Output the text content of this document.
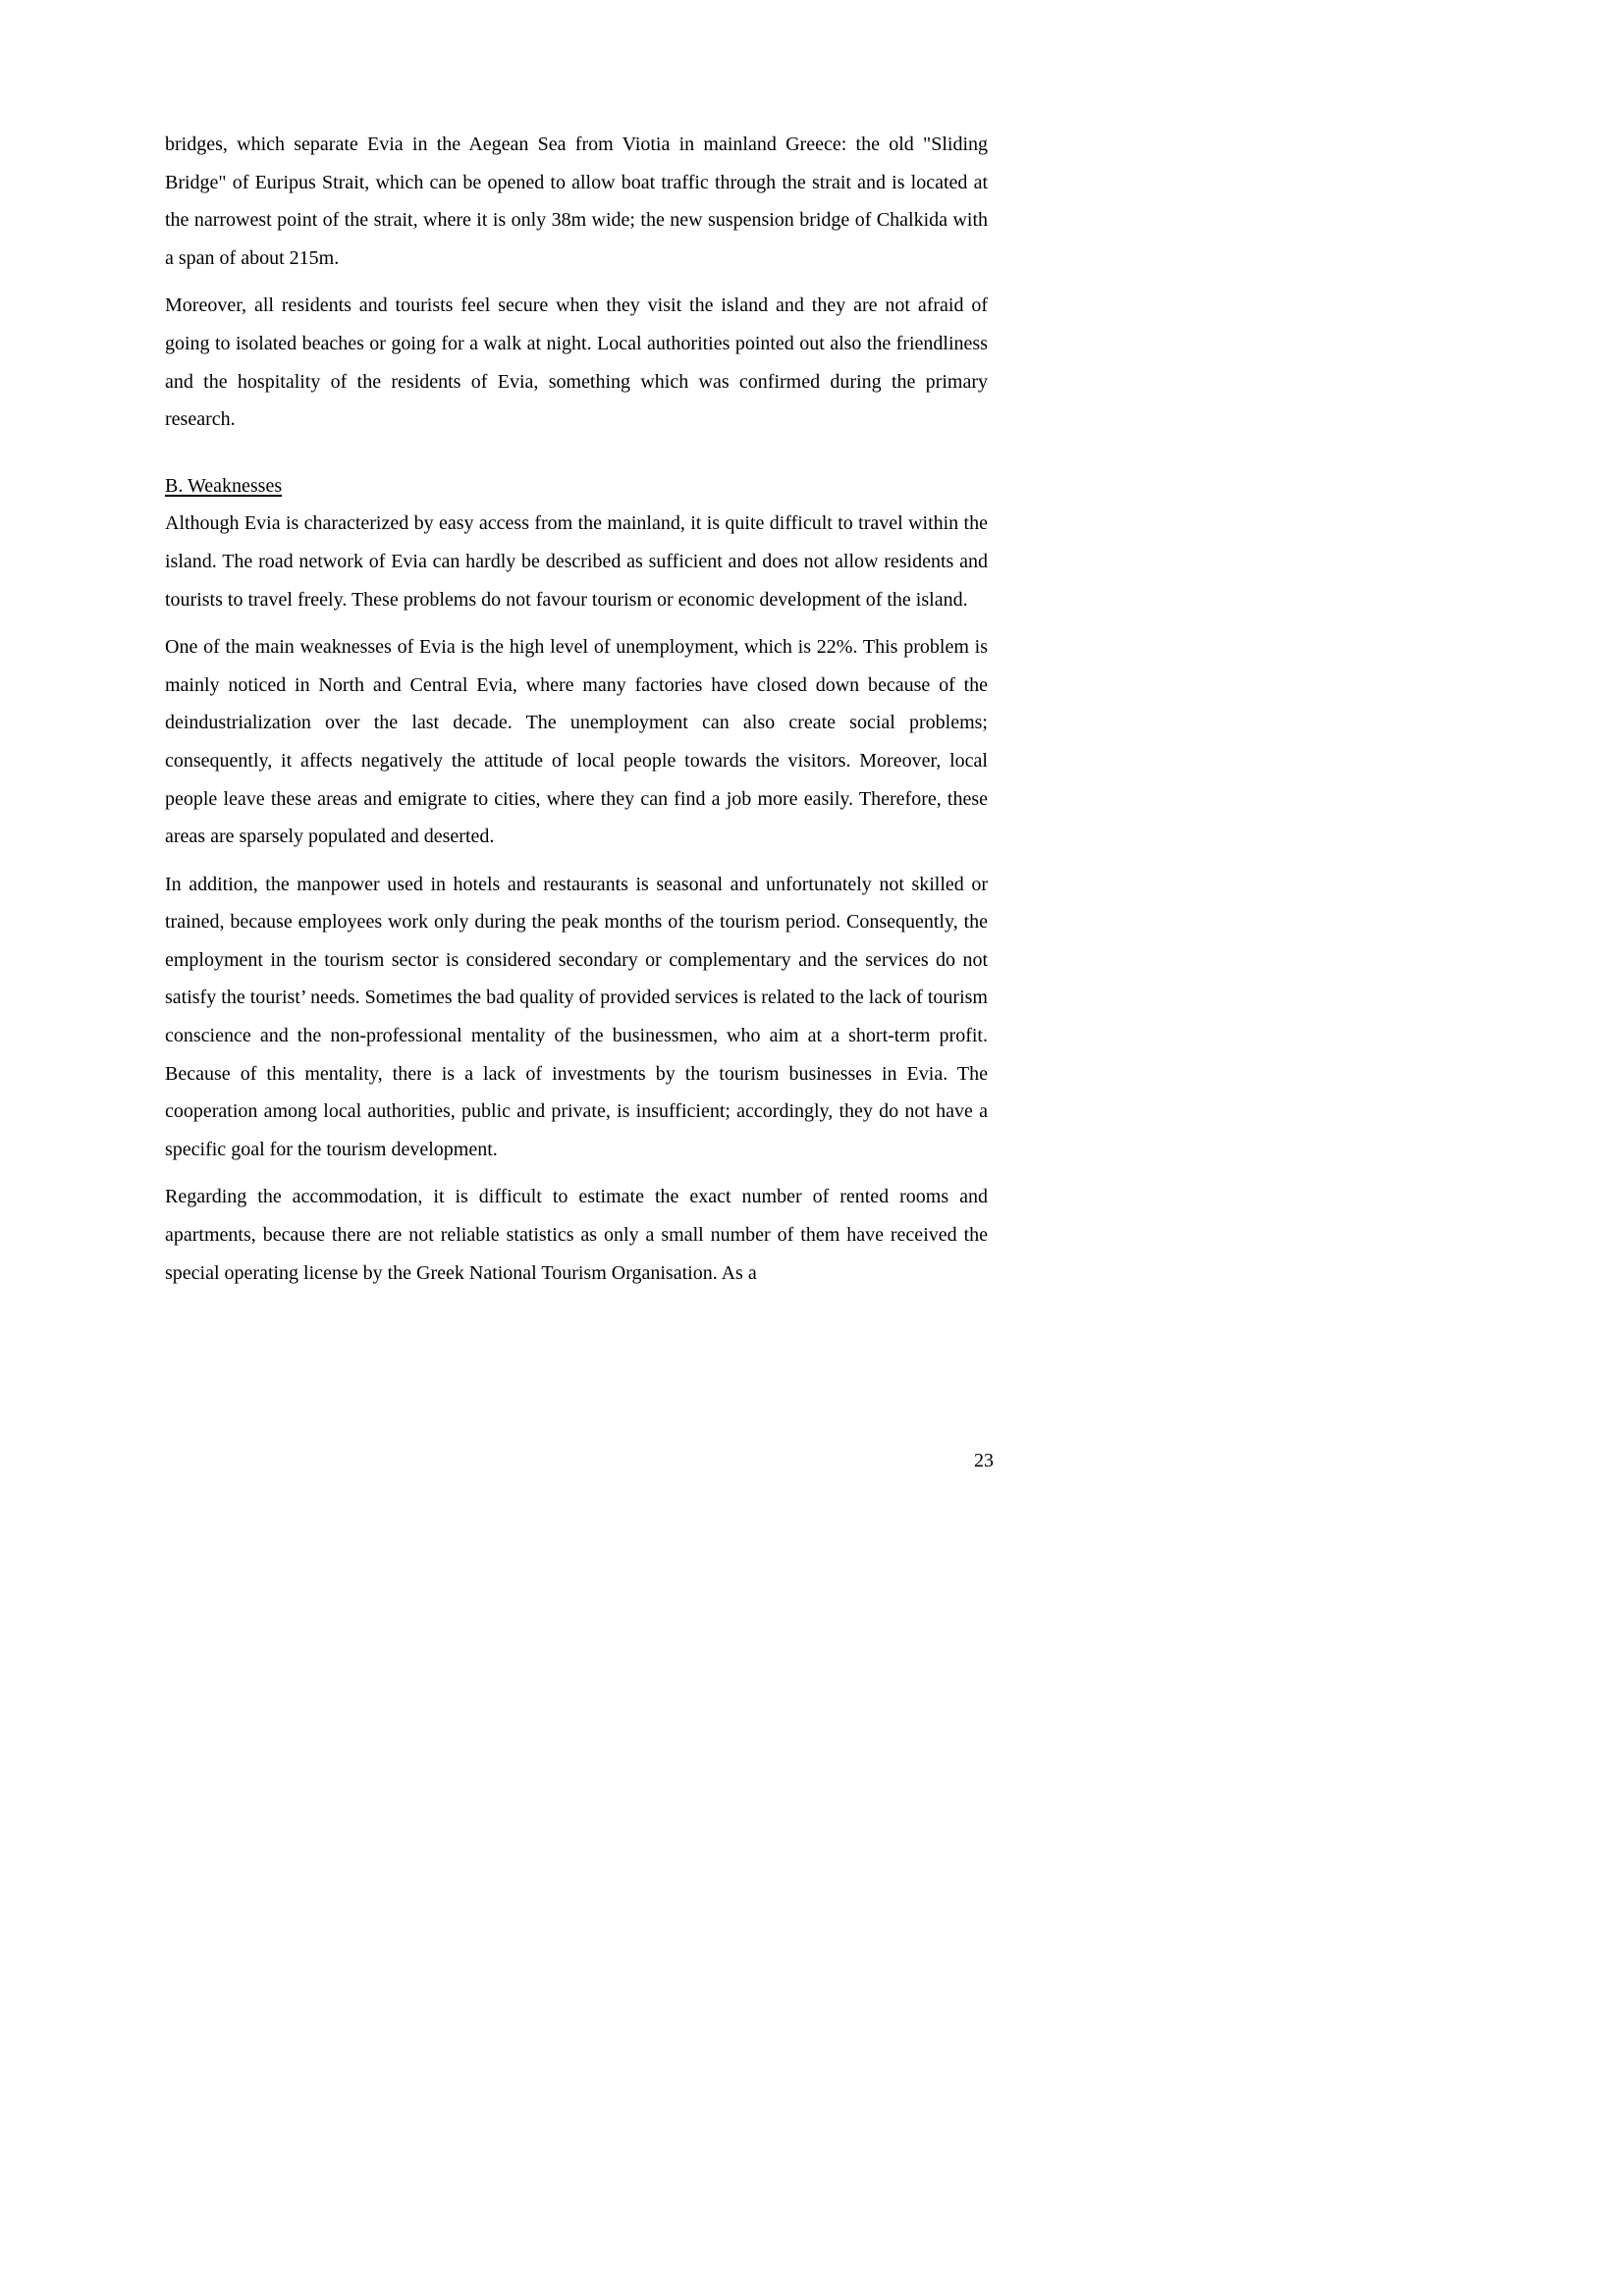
bridges, which separate Evia in the Aegean Sea from Viotia in mainland Greece: the old "Sliding Bridge" of Euripus Strait, which can be opened to allow boat traffic through the strait and is located at the narrowest point of the strait, where it is only 38m wide; the new suspension bridge of Chalkida with a span of about 215m.

Moreover, all residents and tourists feel secure when they visit the island and they are not afraid of going to isolated beaches or going for a walk at night. Local authorities pointed out also the friendliness and the hospitality of the residents of Evia, something which was confirmed during the primary research.

B. Weaknesses

Although Evia is characterized by easy access from the mainland, it is quite difficult to travel within the island. The road network of Evia can hardly be described as sufficient and does not allow residents and tourists to travel freely. These problems do not favour tourism or economic development of the island.

One of the main weaknesses of Evia is the high level of unemployment, which is 22%. This problem is mainly noticed in North and Central Evia, where many factories have closed down because of the deindustrialization over the last decade. The unemployment can also create social problems; consequently, it affects negatively the attitude of local people towards the visitors. Moreover, local people leave these areas and emigrate to cities, where they can find a job more easily. Therefore, these areas are sparsely populated and deserted.

In addition, the manpower used in hotels and restaurants is seasonal and unfortunately not skilled or trained, because employees work only during the peak months of the tourism period. Consequently, the employment in the tourism sector is considered secondary or complementary and the services do not satisfy the tourist’ needs. Sometimes the bad quality of provided services is related to the lack of tourism conscience and the non-professional mentality of the businessmen, who aim at a short-term profit. Because of this mentality, there is a lack of investments by the tourism businesses in Evia. The cooperation among local authorities, public and private, is insufficient; accordingly, they do not have a specific goal for the tourism development.

Regarding the accommodation, it is difficult to estimate the exact number of rented rooms and apartments, because there are not reliable statistics as only a small number of them have received the special operating license by the Greek National Tourism Organisation. As a

23
